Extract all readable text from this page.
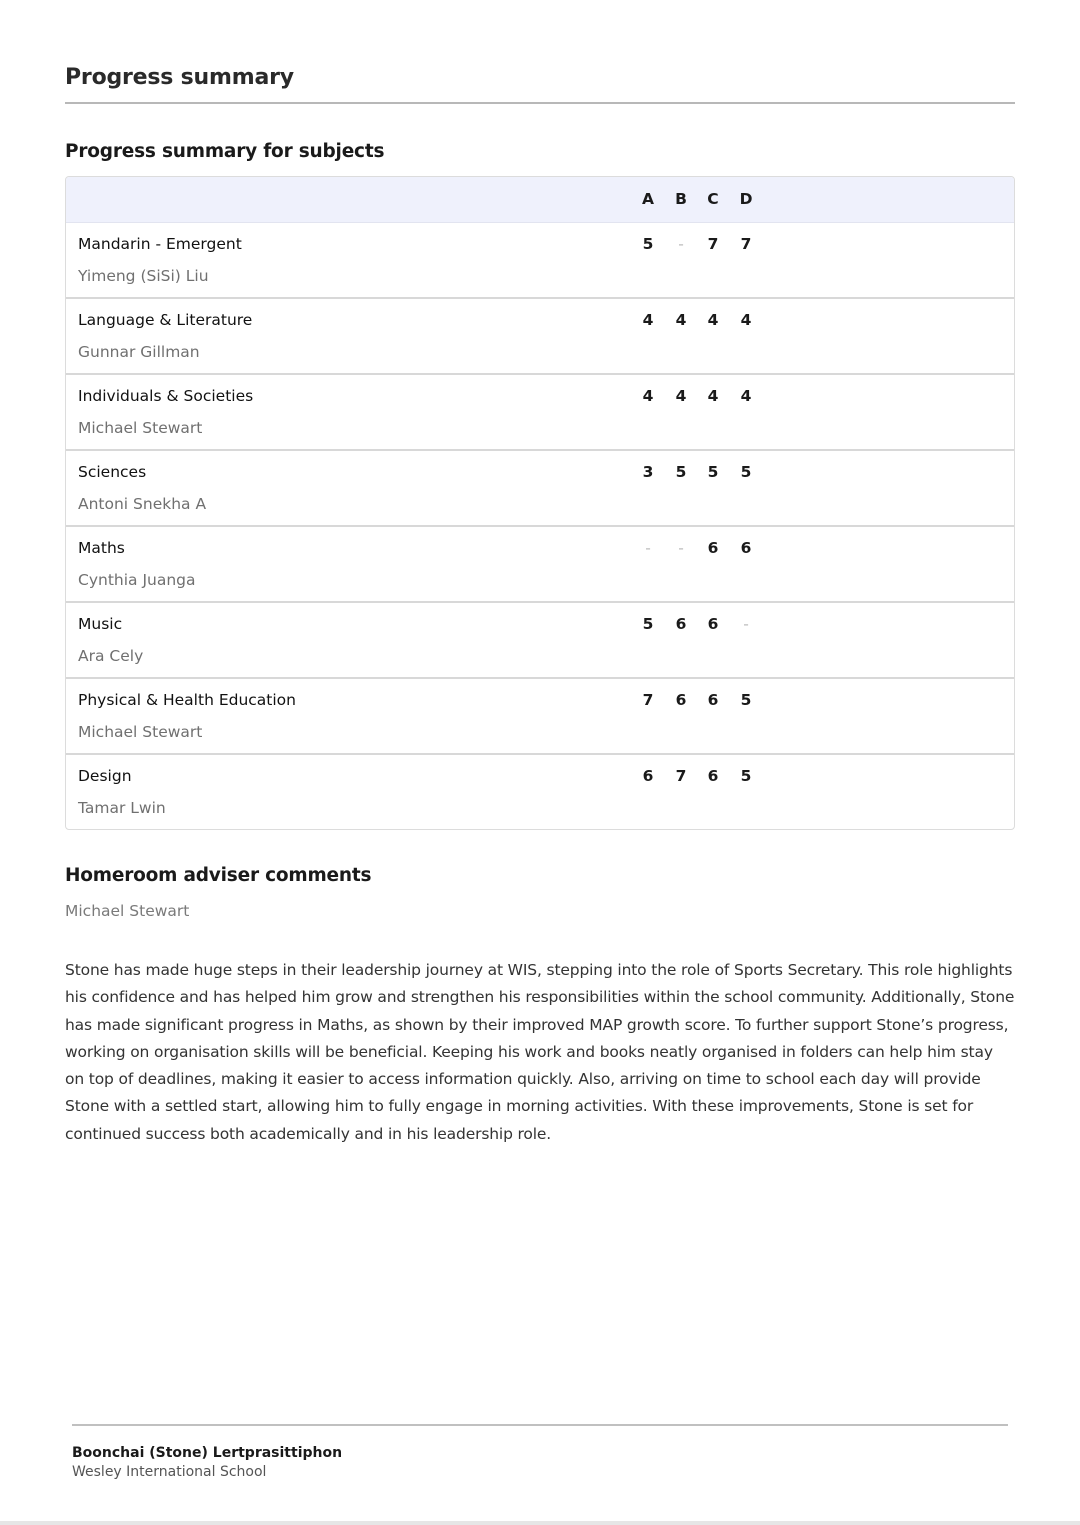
Progress summary
Progress summary for subjects
A	B	C	D
Mandarin - Emergent
Yimeng (SiSi) Liu
5	-	7	7
Language & Literature
Gunnar Gillman
4	4	4	4
Individuals & Societies
Michael Stewart
4	4	4	4
Sciences
Antoni Snekha A
3	5	5	5
Maths
Cynthia Juanga
-	-	6	6
Music
Ara Cely
5	6	6	-
Physical & Health Education
Michael Stewart
7	6	6	5
Design
Tamar Lwin
6	7	6	5
Homeroom adviser comments
Michael Stewart
Stone has made huge steps in their leadership journey at WIS, stepping into the role of Sports Secretary. This role highlights his confidence and has helped him grow and strengthen his responsibilities within the school community. Additionally, Stone has made significant progress in Maths, as shown by their improved MAP growth score. To further support Stone’s progress, working on organisation skills will be beneficial. Keeping his work and books neatly organised in folders can help him stay on top of deadlines, making it easier to access information quickly. Also, arriving on time to school each day will provide Stone with a settled start, allowing him to fully engage in morning activities. With these improvements, Stone is set for continued success both academically and in his leadership role.
Boonchai (Stone) Lertprasittiphon
Wesley International School
